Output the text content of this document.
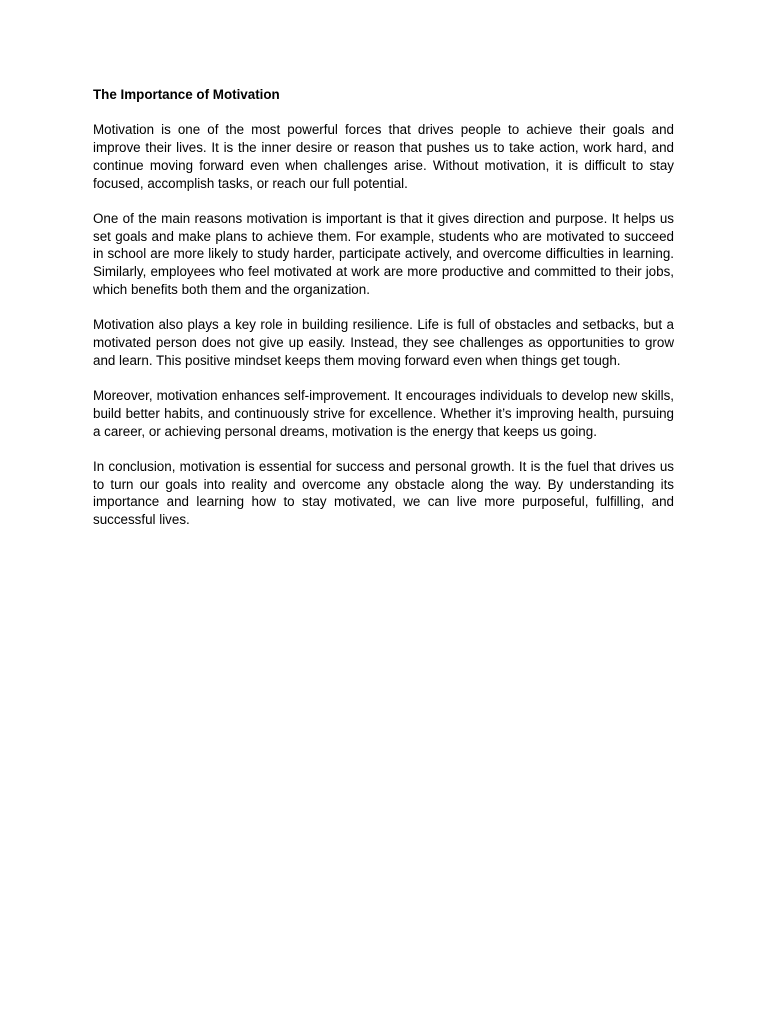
The Importance of Motivation

Motivation is one of the most powerful forces that drives people to achieve their goals and improve their lives. It is the inner desire or reason that pushes us to take action, work hard, and continue moving forward even when challenges arise. Without motivation, it is difficult to stay focused, accomplish tasks, or reach our full potential.

One of the main reasons motivation is important is that it gives direction and purpose. It helps us set goals and make plans to achieve them. For example, students who are motivated to succeed in school are more likely to study harder, participate actively, and overcome difficulties in learning. Similarly, employees who feel motivated at work are more productive and committed to their jobs, which benefits both them and the organization.

Motivation also plays a key role in building resilience. Life is full of obstacles and setbacks, but a motivated person does not give up easily. Instead, they see challenges as opportunities to grow and learn. This positive mindset keeps them moving forward even when things get tough.

Moreover, motivation enhances self-improvement. It encourages individuals to develop new skills, build better habits, and continuously strive for excellence. Whether it’s improving health, pursuing a career, or achieving personal dreams, motivation is the energy that keeps us going.

In conclusion, motivation is essential for success and personal growth. It is the fuel that drives us to turn our goals into reality and overcome any obstacle along the way. By understanding its importance and learning how to stay motivated, we can live more purposeful, fulfilling, and successful lives.
